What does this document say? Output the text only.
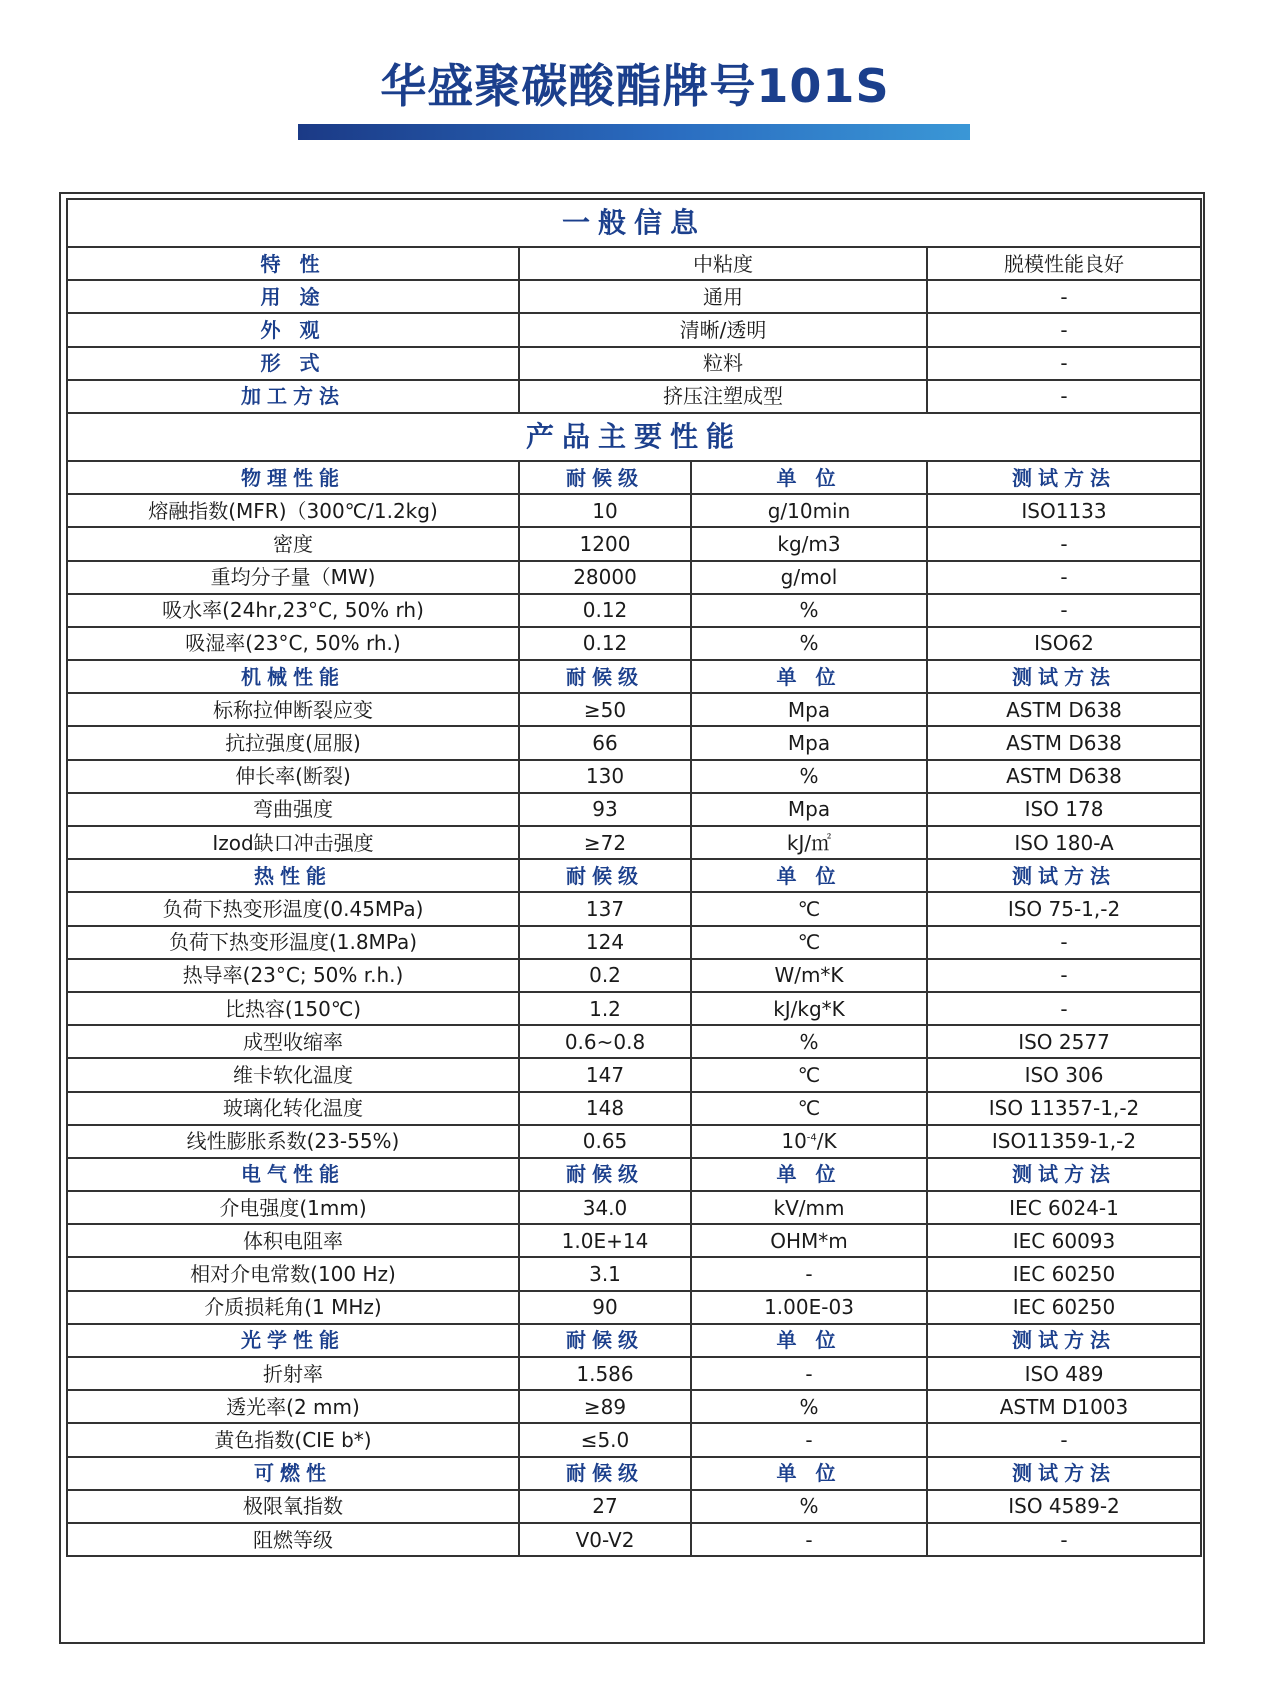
华盛聚碳酸酯牌号101S
一般信息			
特 性	中粘度		脱模性能良好
用 途	通用		-
外 观	清晰/透明		-
形 式	粒料		-
加工方法	挤压注塑成型		-
产品主要性能			
物理性能	耐候级	单 位	测试方法
熔融指数(MFR)（300℃/1.2kg)	10	g/10min	ISO1133
密度	1200	kg/m3	-
重均分子量（MW)	28000	g/mol	-
吸水率(24hr,23°C, 50% rh)	0.12	%	-
吸湿率(23°C, 50% rh.)	0.12	%	ISO62
机械性能	耐候级	单 位	测试方法
标称拉伸断裂应变	≥50	Mpa	ASTM D638
抗拉强度(屈服)	66	Mpa	ASTM D638
伸长率(断裂)	130	%	ASTM D638
弯曲强度	93	Mpa	ISO 178
Izod缺口冲击强度	≥72	kJ/㎡	ISO 180-A
热性能	耐候级	单 位	测试方法
负荷下热变形温度(0.45MPa)	137	℃	ISO 75-1,-2
负荷下热变形温度(1.8MPa)	124	℃	-
热导率(23°C; 50% r.h.)	0.2	W/m*K	-
比热容(150℃)	1.2	kJ/kg*K	-
成型收缩率	0.6~0.8	%	ISO 2577
维卡软化温度	147	℃	ISO 306
玻璃化转化温度	148	℃	ISO 11357-1,-2
线性膨胀系数(23-55%)	0.65	$10^{-4}/K$	ISO11359-1,-2
电气性能	耐候级	单 位	测试方法
介电强度(1mm)	34.0	kV/mm	IEC 6024-1
体积电阻率	1.0E+14	OHM*m	IEC 60093
相对介电常数(100 Hz)	3.1	-	IEC 60250
介质损耗角(1 MHz)	90	1.00E-03	IEC 60250
光学性能	耐候级	单 位	测试方法
折射率	1.586	-	ISO 489
透光率(2 mm)	≥89	%	ASTM D1003
黄色指数(CIE b*)	≤5.0	-	-
可燃性	耐候级	单 位	测试方法
极限氧指数	27	%	ISO 4589-2
阻燃等级	V0-V2	-	-
